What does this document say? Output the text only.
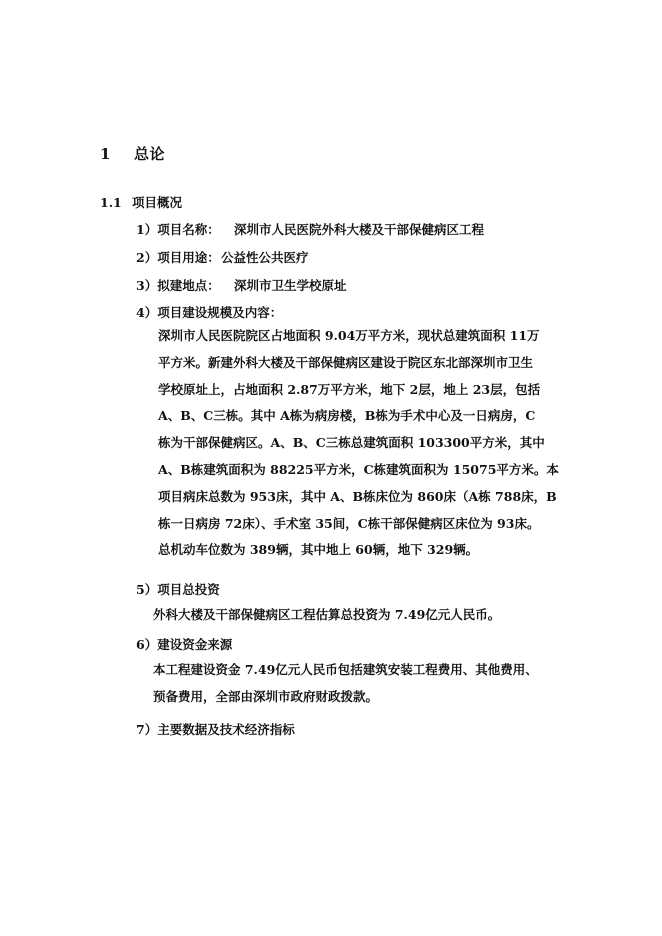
1 总论
1.1 项目概况
1）项目名称： 深圳市人民医院外科大楼及干部保健病区工程
2）项目用途： 公益性公共医疗
3）拟建地点： 深圳市卫生学校原址
4）项目建设规模及内容：
深圳市人民医院院区占地面积 9.04万平方米，现状总建筑面积 11万
平方米。新建外科大楼及干部保健病区建设于院区东北部深圳市卫生
学校原址上，占地面积 2.87万平方米，地下 2层，地上 23层，包括
A、B、C三栋。其中 A栋为病房楼，B栋为手术中心及一日病房，C
栋为干部保健病区。A、B、C三栋总建筑面积 103300平方米，其中
A、B栋建筑面积为 88225平方米，C栋建筑面积为 15075平方米。本
项目病床总数为 953床，其中 A、B栋床位为 860床（A栋 788床，B
栋一日病房 72床）、手术室 35间，C栋干部保健病区床位为 93床。
总机动车位数为 389辆，其中地上 60辆，地下 329辆。
5）项目总投资
外科大楼及干部保健病区工程估算总投资为 7.49亿元人民币。
6）建设资金来源
本工程建设资金 7.49亿元人民币包括建筑安装工程费用、其他费用、
预备费用，全部由深圳市政府财政拨款。
7）主要数据及技术经济指标
